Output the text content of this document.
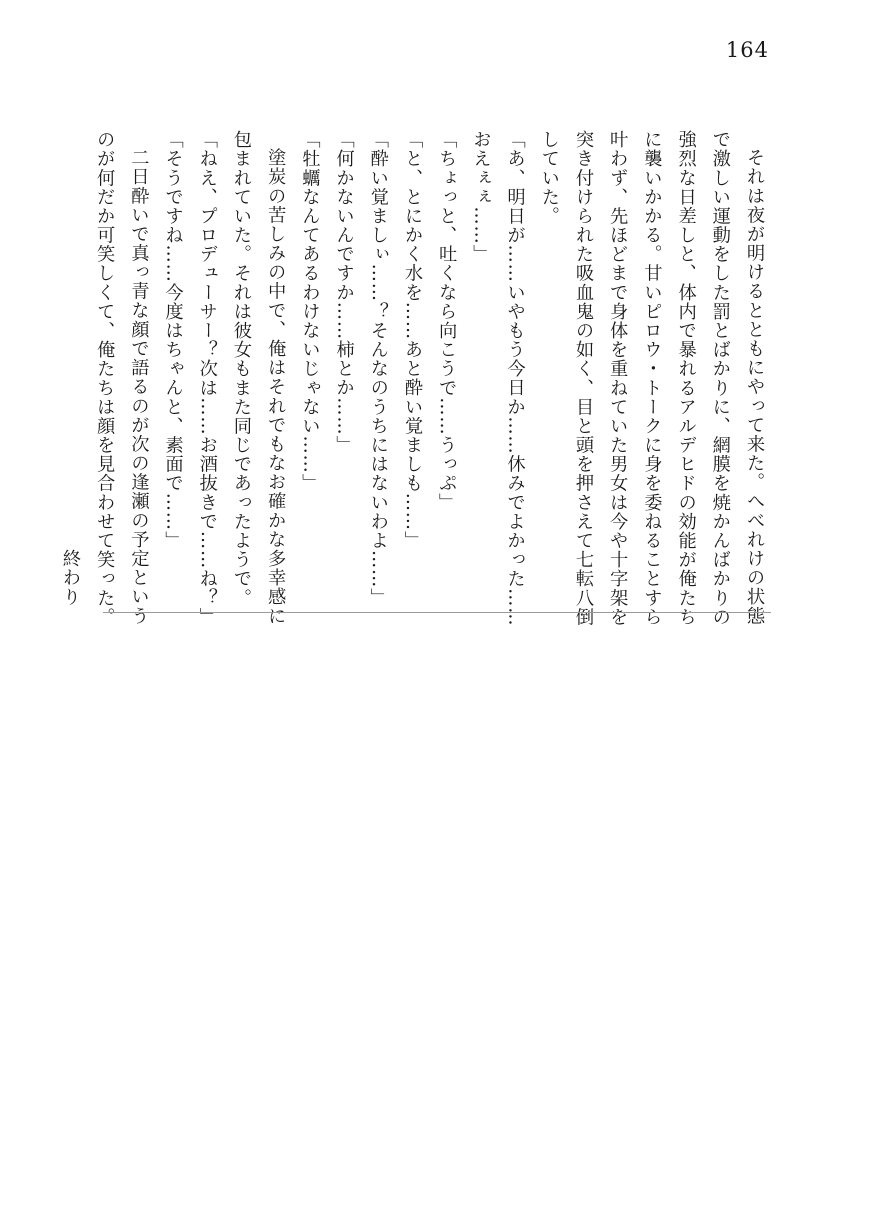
164

それは夜が明けるとともにやって来た。へべれけの状態

で激しい運動をした罰とばかりに、網膜を焼かんばかりの

強烈な日差しと、体内で暴れるアルデヒドの効能が俺たち

に襲いかかる。甘いピロウ・トークに身を委ねることすら

叶わず、先ほどまで身体を重ねていた男女は今や十字架を

突き付けられた吸血鬼の如く、目と頭を押さえて七転八倒

していた。

「あ、明日が……いやもう今日か……休みでよかった……

おえぇぇ……」

「ちょっと、吐くなら向こうで……うっぷ」

「と、とにかく水を……あと酔い覚ましも……」

「酔い覚ましぃ……？そんなのうちにはないわよ……」

「何かないんですか……柿とか……」

「牡蠣なんてあるわけないじゃない……」

塗炭の苦しみの中で、俺はそれでもなお確かな多幸感に

包まれていた。それは彼女もまた同じであったようで。

「ねえ、プロデューサー？次は……お酒抜きで……ね？」

「そうですね……今度はちゃんと、素面で……」

二日酔いで真っ青な顔で語るのが次の逢瀬の予定という

のが何だか可笑しくて、俺たちは顔を見合わせて笑った。

終わり
